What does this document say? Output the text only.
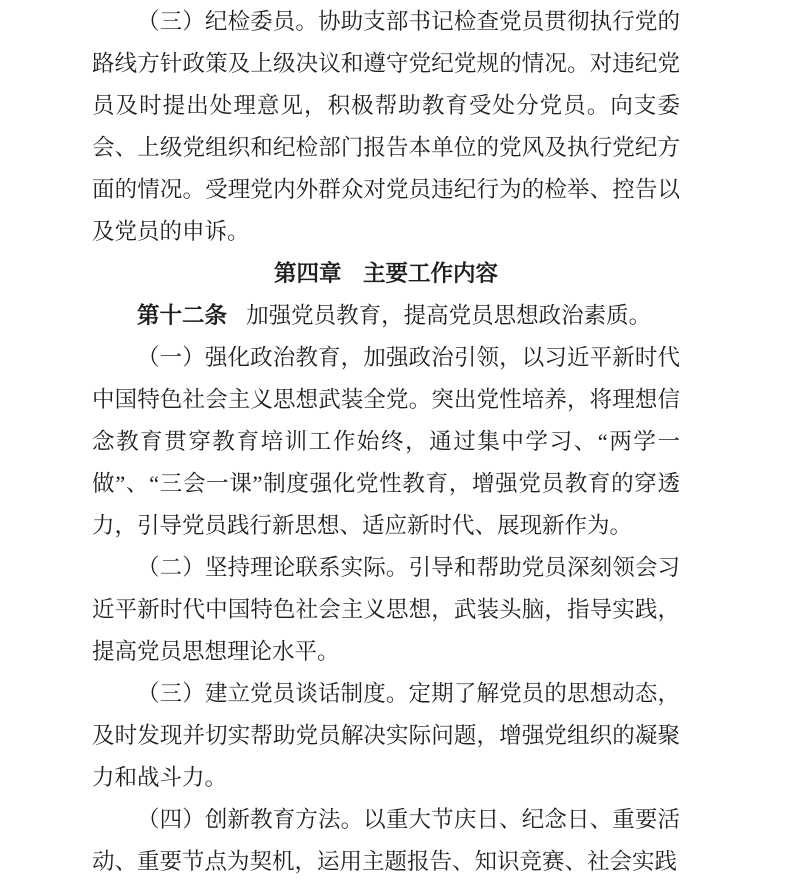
（三）纪检委员。协助支部书记检查党员贯彻执行党的路线方针政策及上级决议和遵守党纪党规的情况。对违纪党员及时提出处理意见，积极帮助教育受处分党员。向支委会、上级党组织和纪检部门报告本单位的党风及执行党纪方面的情况。受理党内外群众对党员违纪行为的检举、控告以及党员的申诉。
第四章 主要工作内容
第十二条 加强党员教育，提高党员思想政治素质。
（一）强化政治教育，加强政治引领，以习近平新时代中国特色社会主义思想武装全党。突出党性培养，将理想信念教育贯穿教育培训工作始终，通过集中学习、“两学一做”、“三会一课”制度强化党性教育，增强党员教育的穿透力，引导党员践行新思想、适应新时代、展现新作为。
（二）坚持理论联系实际。引导和帮助党员深刻领会习近平新时代中国特色社会主义思想，武装头脑，指导实践，提高党员思想理论水平。
（三）建立党员谈话制度。定期了解党员的思想动态，及时发现并切实帮助党员解决实际问题，增强党组织的凝聚力和战斗力。
（四）创新教育方法。以重大节庆日、纪念日、重要活动、重要节点为契机，运用主题报告、知识竞赛、社会实践
